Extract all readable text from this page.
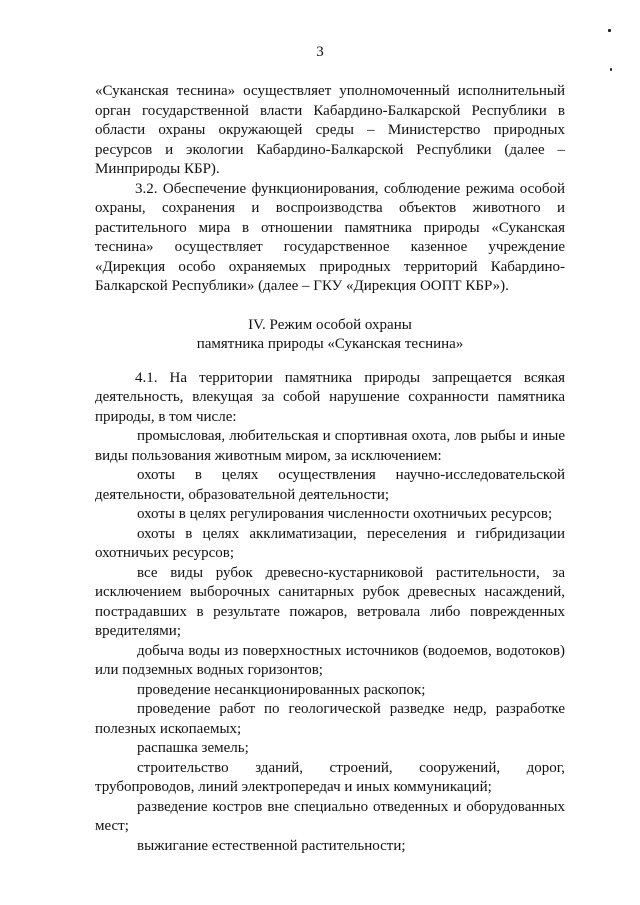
3

«Суканская теснина» осуществляет уполномоченный исполнительный орган государственной власти Кабардино-Балкарской Республики в области охраны окружающей среды – Министерство природных ресурсов и экологии Кабардино-Балкарской Республики (далее – Минприроды КБР).

3.2. Обеспечение функционирования, соблюдение режима особой охраны, сохранения и воспроизводства объектов животного и растительного мира в отношении памятника природы «Суканская теснина» осуществляет государственное казенное учреждение «Дирекция особо охраняемых природных территорий Кабардино-Балкарской Республики» (далее – ГКУ «Дирекция ООПТ КБР»).

IV. Режим особой охраны

памятника природы «Суканская теснина»

4.1. На территории памятника природы запрещается всякая деятельность, влекущая за собой нарушение сохранности памятника природы, в том числе:

промысловая, любительская и спортивная охота, лов рыбы и иные виды пользования животным миром, за исключением:

охоты в целях осуществления научно-исследовательской деятельности, образовательной деятельности;

охоты в целях регулирования численности охотничьих ресурсов;

охоты в целях акклиматизации, переселения и гибридизации охотничьих ресурсов;

все виды рубок древесно-кустарниковой растительности, за исключением выборочных санитарных рубок древесных насаждений, пострадавших в результате пожаров, ветровала либо поврежденных вредителями;

добыча воды из поверхностных источников (водоемов, водотоков) или подземных водных горизонтов;

проведение несанкционированных раскопок;

проведение работ по геологической разведке недр, разработке полезных ископаемых;

распашка земель;

строительство зданий, строений, сооружений, дорог, трубопроводов, линий электропередач и иных коммуникаций;

разведение костров вне специально отведенных и оборудованных мест;

выжигание естественной растительности;
